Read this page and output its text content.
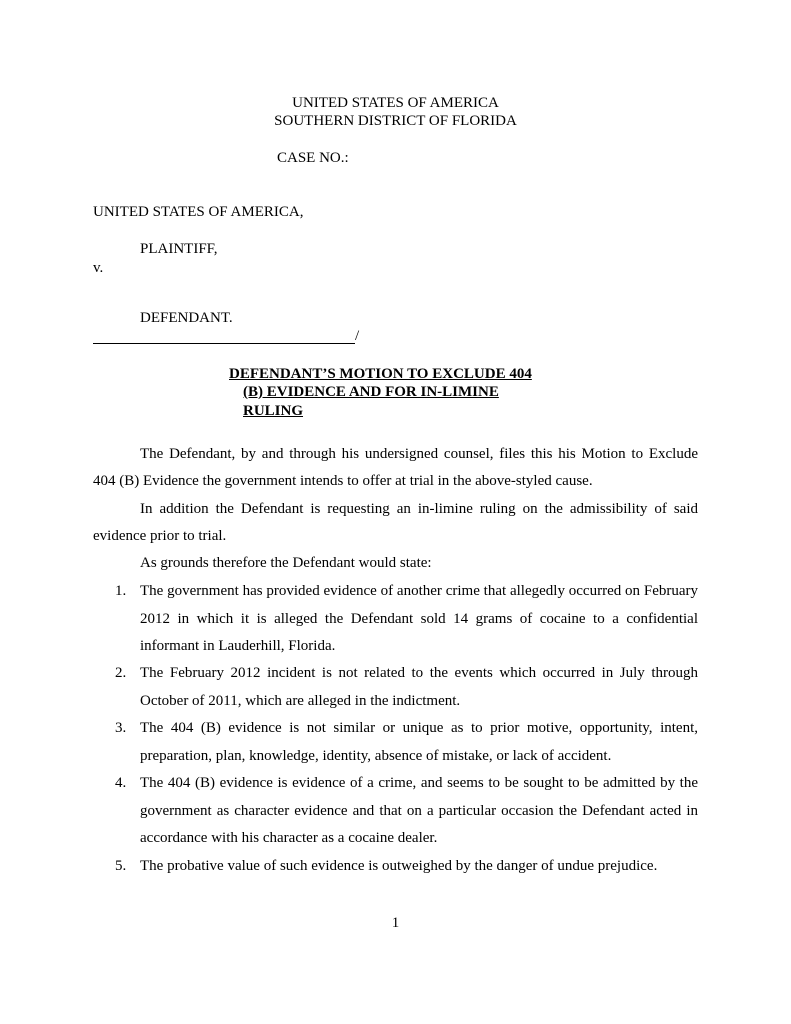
UNITED STATES OF AMERICA
SOUTHERN DISTRICT OF FLORIDA
CASE NO.:
UNITED STATES OF AMERICA,
PLAINTIFF,
v.
DEFENDANT.
/
DEFENDANT’S MOTION TO EXCLUDE 404
(B) EVIDENCE AND FOR IN-LIMINE
RULING
The Defendant, by and through his undersigned counsel, files this his Motion to Exclude 404 (B) Evidence the government intends to offer at trial in the above-styled cause.
In addition the Defendant is requesting an in-limine ruling on the admissibility of said evidence prior to trial.
As grounds therefore the Defendant would state:
1. The government has provided evidence of another crime that allegedly occurred on February 2012 in which it is alleged the Defendant sold 14 grams of cocaine to a confidential informant in Lauderhill, Florida.
2. The February 2012 incident is not related to the events which occurred in July through October of 2011, which are alleged in the indictment.
3. The 404 (B) evidence is not similar or unique as to prior motive, opportunity, intent, preparation, plan, knowledge, identity, absence of mistake, or lack of accident.
4. The 404 (B) evidence is evidence of a crime, and seems to be sought to be admitted by the government as character evidence and that on a particular occasion the Defendant acted in accordance with his character as a cocaine dealer.
5. The probative value of such evidence is outweighed by the danger of undue prejudice.
1
